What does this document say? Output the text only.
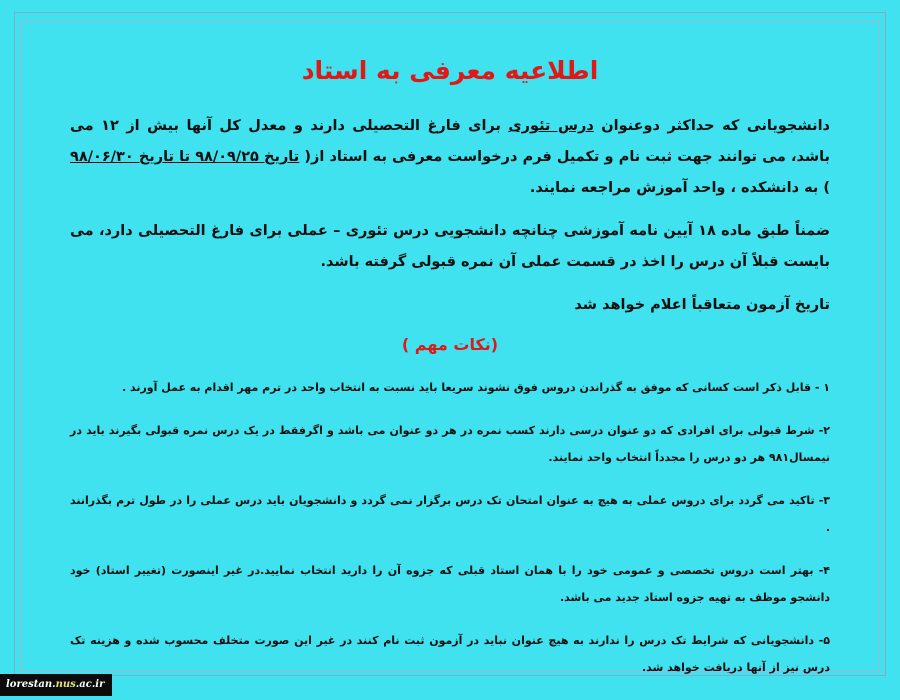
اطلاعیه معرفی به استاد

دانشجویانی که حداکثر دوعنوان درس تئوری برای فارغ التحصیلی دارند و معدل کل آنها بیش از ۱۲ می باشد، می توانند جهت ثبت نام و تکمیل فرم درخواست معرفی به استاد از( تاریخ ۹۸/۰۹/۲۵ تا تاریخ ۹۸/۰۶/۳۰ ) به دانشکده ، واحد آموزش مراجعه نمایند.

ضمناً طبق ماده ۱۸ آیین نامه آموزشی چنانچه دانشجویی درس تئوری – عملی برای فارغ التحصیلی دارد، می بایست قبلاً آن درس را اخذ در قسمت عملی آن نمره قبولی گرفته باشد.

تاریخ آزمون متعاقباً اعلام خواهد شد

(نکات مهم )

۱ - قابل ذکر است کسانی که موفق به گذراندن دروس فوق نشوند سریعا باید نسبت به انتخاب واحد در ترم مهر اقدام به عمل آورند .

۲- شرط قبولی برای افرادی که دو عنوان درسی دارند کسب نمره در هر دو عنوان می باشد و اگرفقط در یک درس نمره قبولی بگیرند باید در نیمسال۹۸۱ هر دو درس را مجدداً انتخاب واحد نمایند.

۳- تاکید می گردد برای دروس عملی به هیچ به عنوان امتحان تک درس برگزار نمی گردد و دانشجویان باید درس عملی را در طول ترم بگذرانند .

۴- بهتر است دروس تخصصی و عمومی خود را با همان استاد قبلی که جزوه آن را دارید انتخاب نمایید.در غیر اینصورت (تغییر استاد) خود دانشجو موظف به تهیه جزوه استاد جدید می باشد.

۵- دانشجویانی که شرایط تک درس را ندارند به هیچ عنوان نباید در آزمون ثبت نام کنند در غیر این صورت متخلف محسوب شده و هزینه تک درس نیز از آنها دریافت خواهد شد.

lorestan.nus.ac.ir
